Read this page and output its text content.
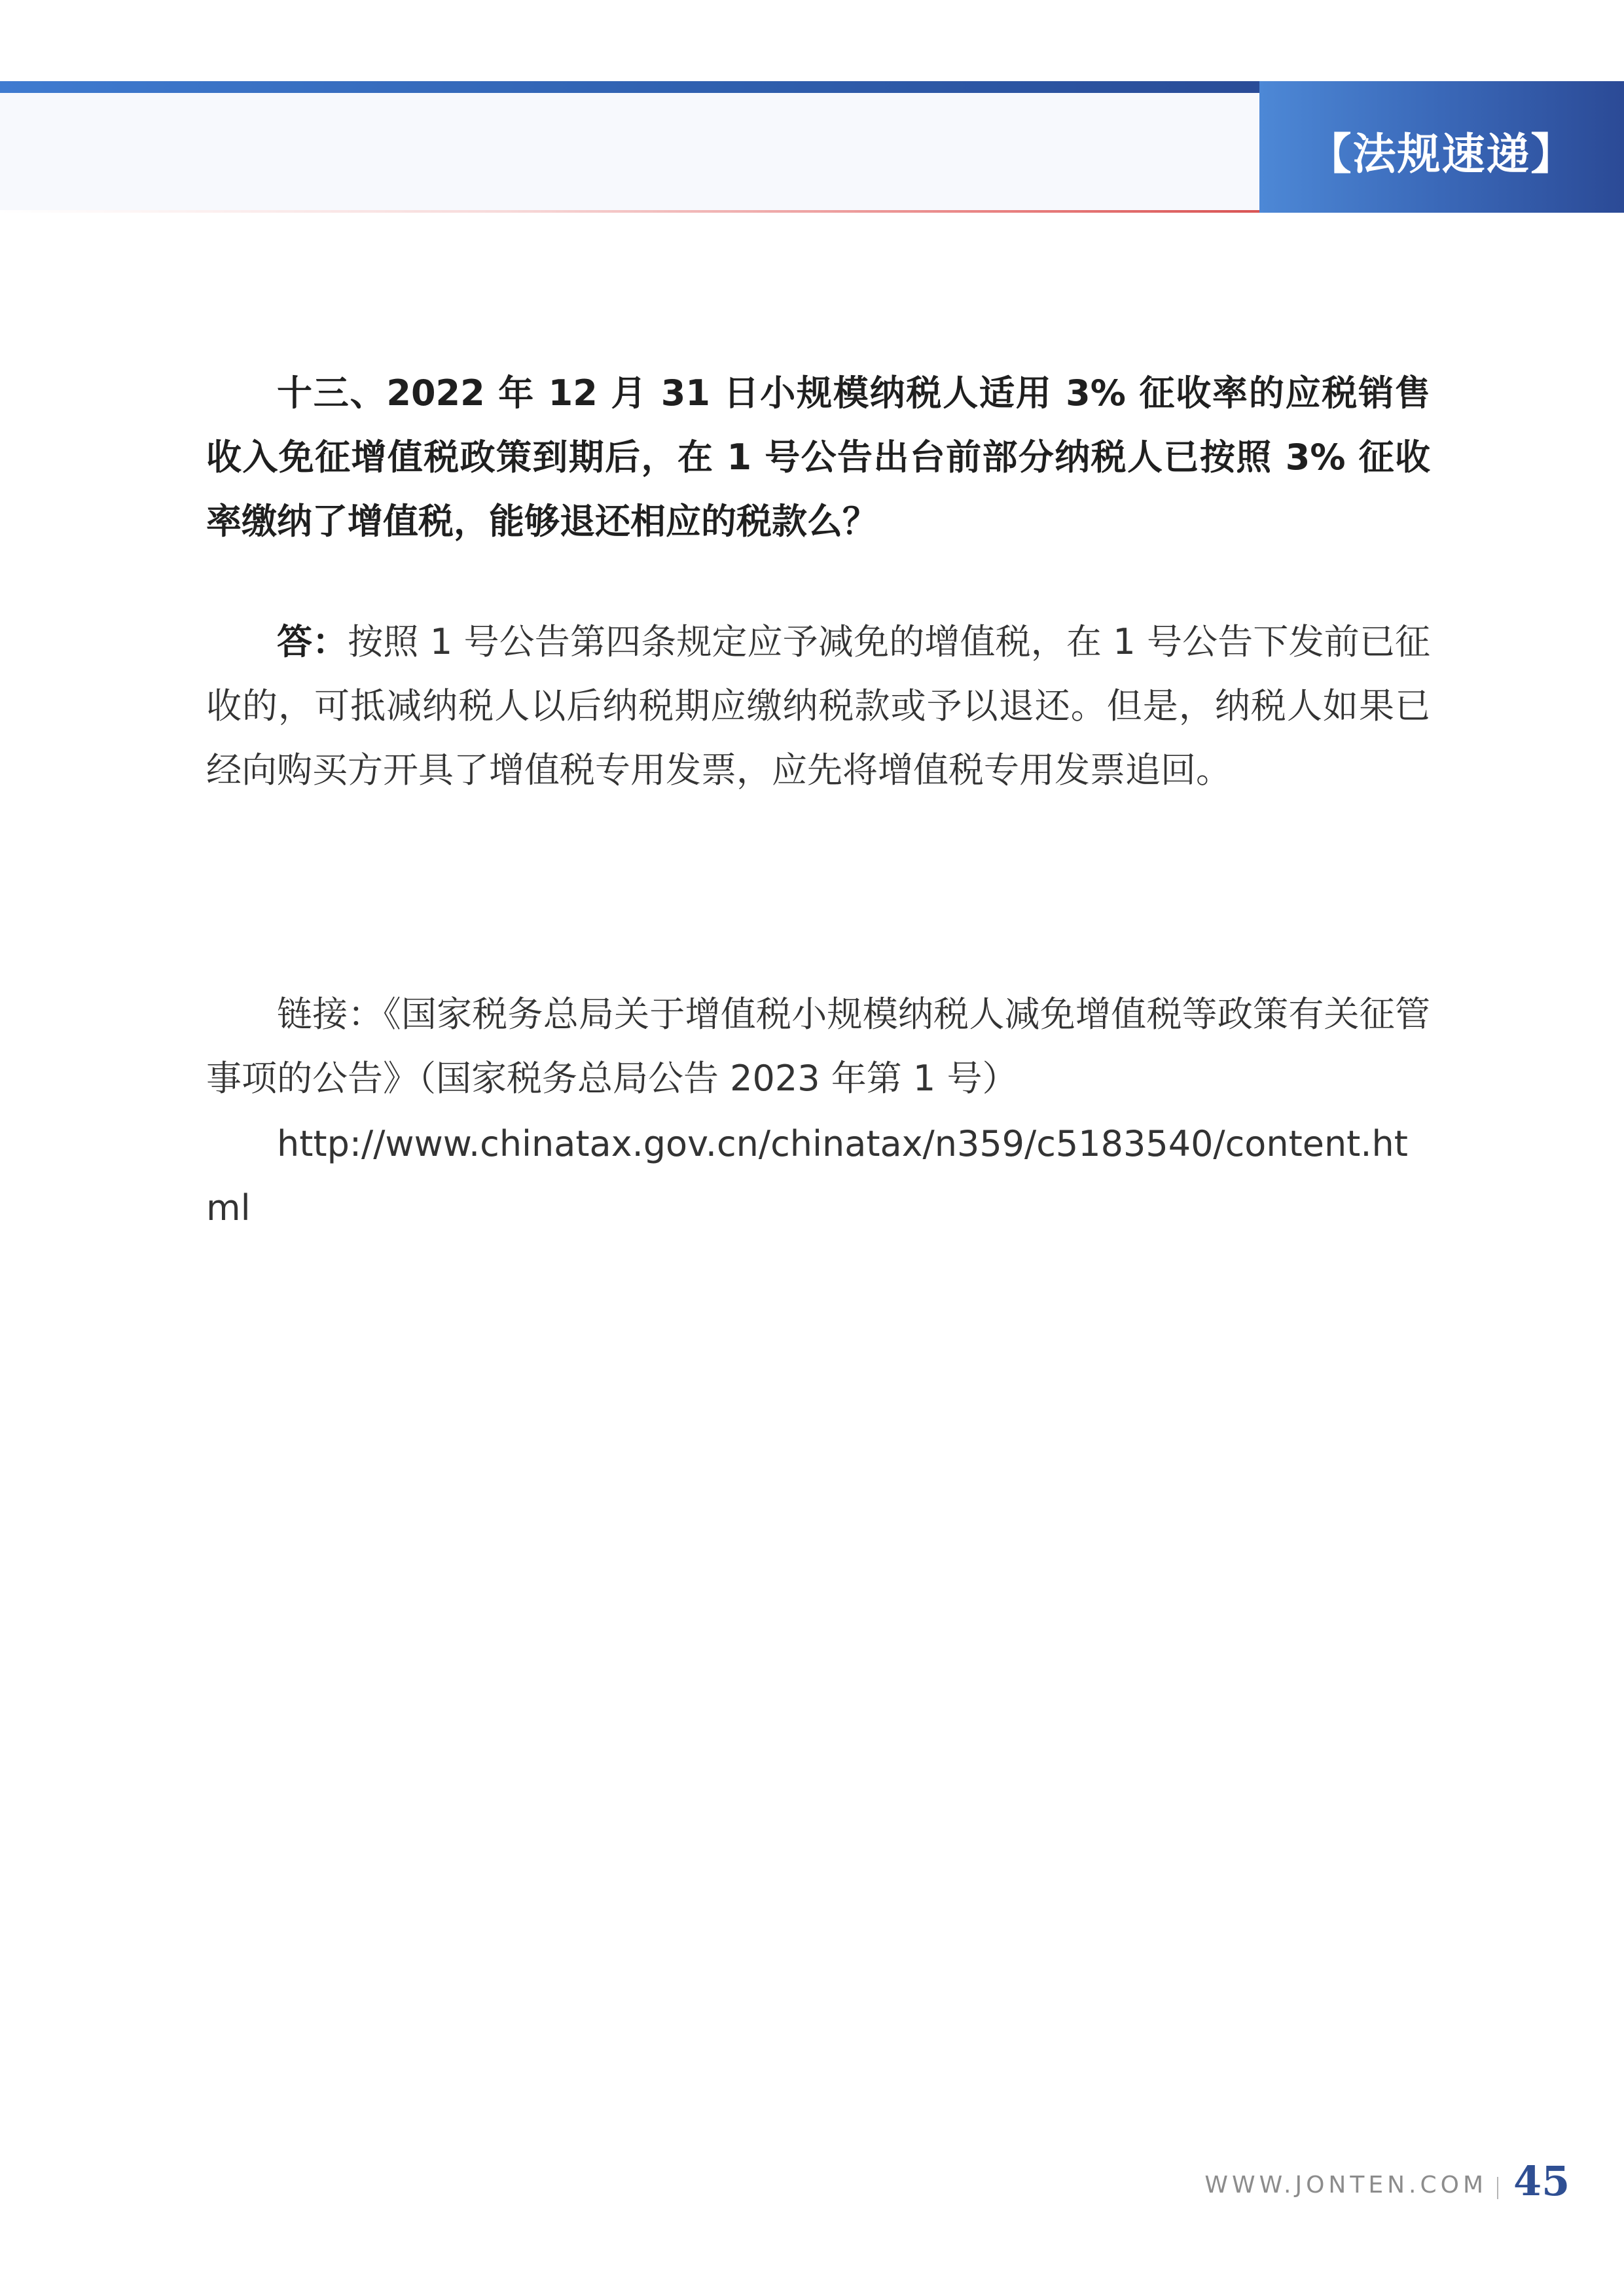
【法规速递】

十三、2022 年 12 月 31 日小规模纳税人适用 3% 征收率的应税销售收入免征增值税政策到期后，在 1 号公告出台前部分纳税人已按照 3% 征收率缴纳了增值税，能够退还相应的税款么？

答：按照 1 号公告第四条规定应予减免的增值税，在 1 号公告下发前已征收的，可抵减纳税人以后纳税期应缴纳税款或予以退还。但是，纳税人如果已经向购买方开具了增值税专用发票，应先将增值税专用发票追回。

链接：《国家税务总局关于增值税小规模纳税人减免增值税等政策有关征管事项的公告》（国家税务总局公告 2023 年第 1 号）

http://www.chinatax.gov.cn/chinatax/n359/c5183540/content.html

WWW.JONTEN.COM 45
